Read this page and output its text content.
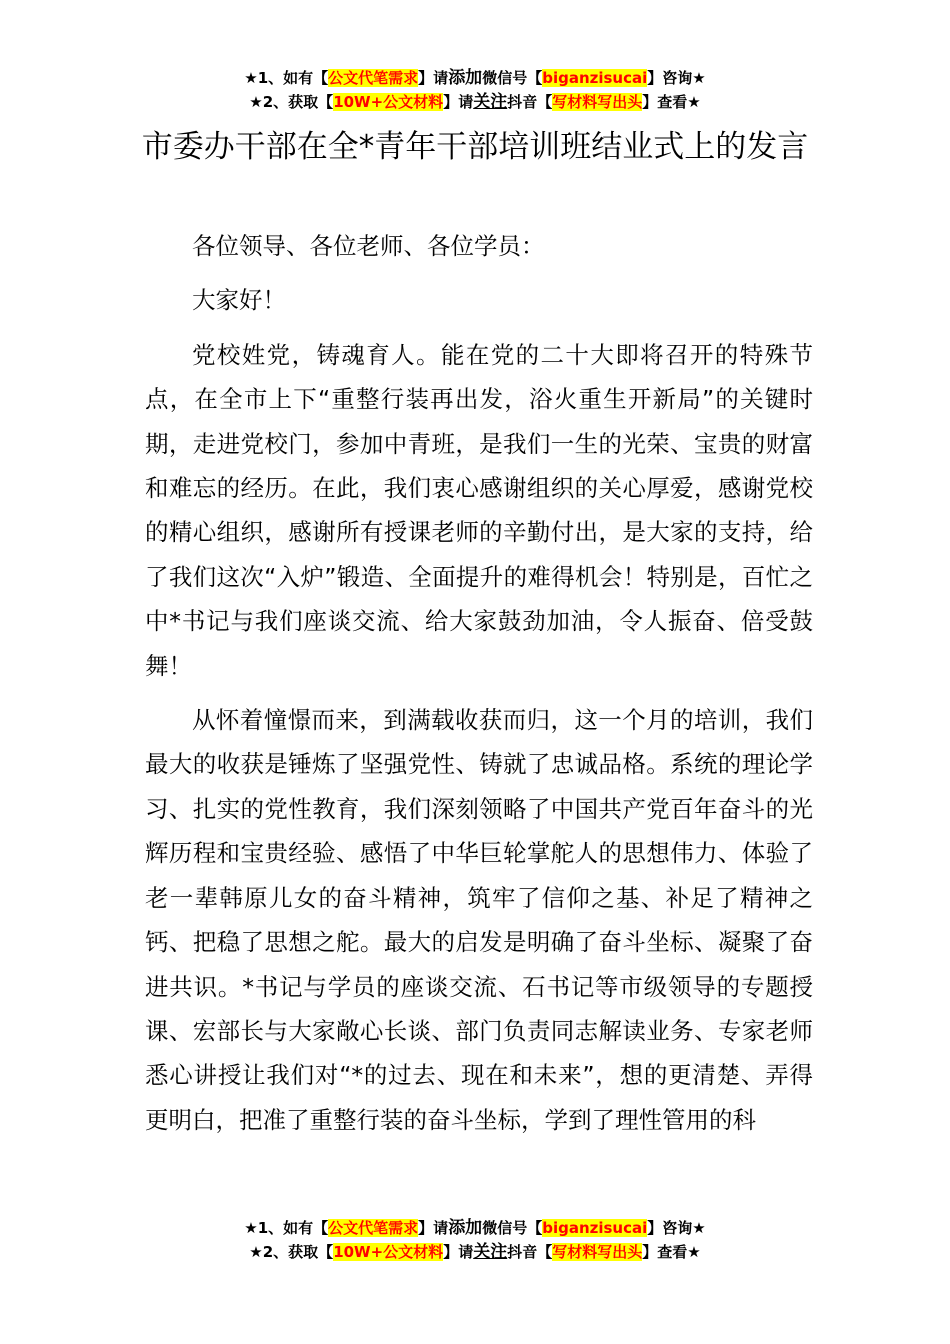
★1、如有【公文代笔需求】请添加微信号【biganzisucai】咨询★
★2、获取【10W+公文材料】请关注抖音【写材料写出头】查看★
市委办干部在全*青年干部培训班结业式上的发言

各位领导、各位老师、各位学员：

大家好！

党校姓党，铸魂育人。能在党的二十大即将召开的特殊节点，在全市上下“重整行装再出发，浴火重生开新局”的关键时期，走进党校门，参加中青班，是我们一生的光荣、宝贵的财富和难忘的经历。在此，我们衷心感谢组织的关心厚爱，感谢党校的精心组织，感谢所有授课老师的辛勤付出，是大家的支持，给了我们这次“入炉”锻造、全面提升的难得机会！特别是，百忙之中*书记与我们座谈交流、给大家鼓劲加油，令人振奋、倍受鼓舞！

从怀着憧憬而来，到满载收获而归，这一个月的培训，我们最大的收获是锤炼了坚强党性、铸就了忠诚品格。系统的理论学习、扎实的党性教育，我们深刻领略了中国共产党百年奋斗的光辉历程和宝贵经验、感悟了中华巨轮掌舵人的思想伟力、体验了老一辈韩原儿女的奋斗精神，筑牢了信仰之基、补足了精神之钙、把稳了思想之舵。最大的启发是明确了奋斗坐标、凝聚了奋进共识。*书记与学员的座谈交流、石书记等市级领导的专题授课、宏部长与大家敞心长谈、部门负责同志解读业务、专家老师悉心讲授让我们对“*的过去、现在和未来”，想的更清楚、弄得更明白，把准了重整行装的奋斗坐标，学到了理性管用的科

★1、如有【公文代笔需求】请添加微信号【biganzisucai】咨询★
★2、获取【10W+公文材料】请关注抖音【写材料写出头】查看★
